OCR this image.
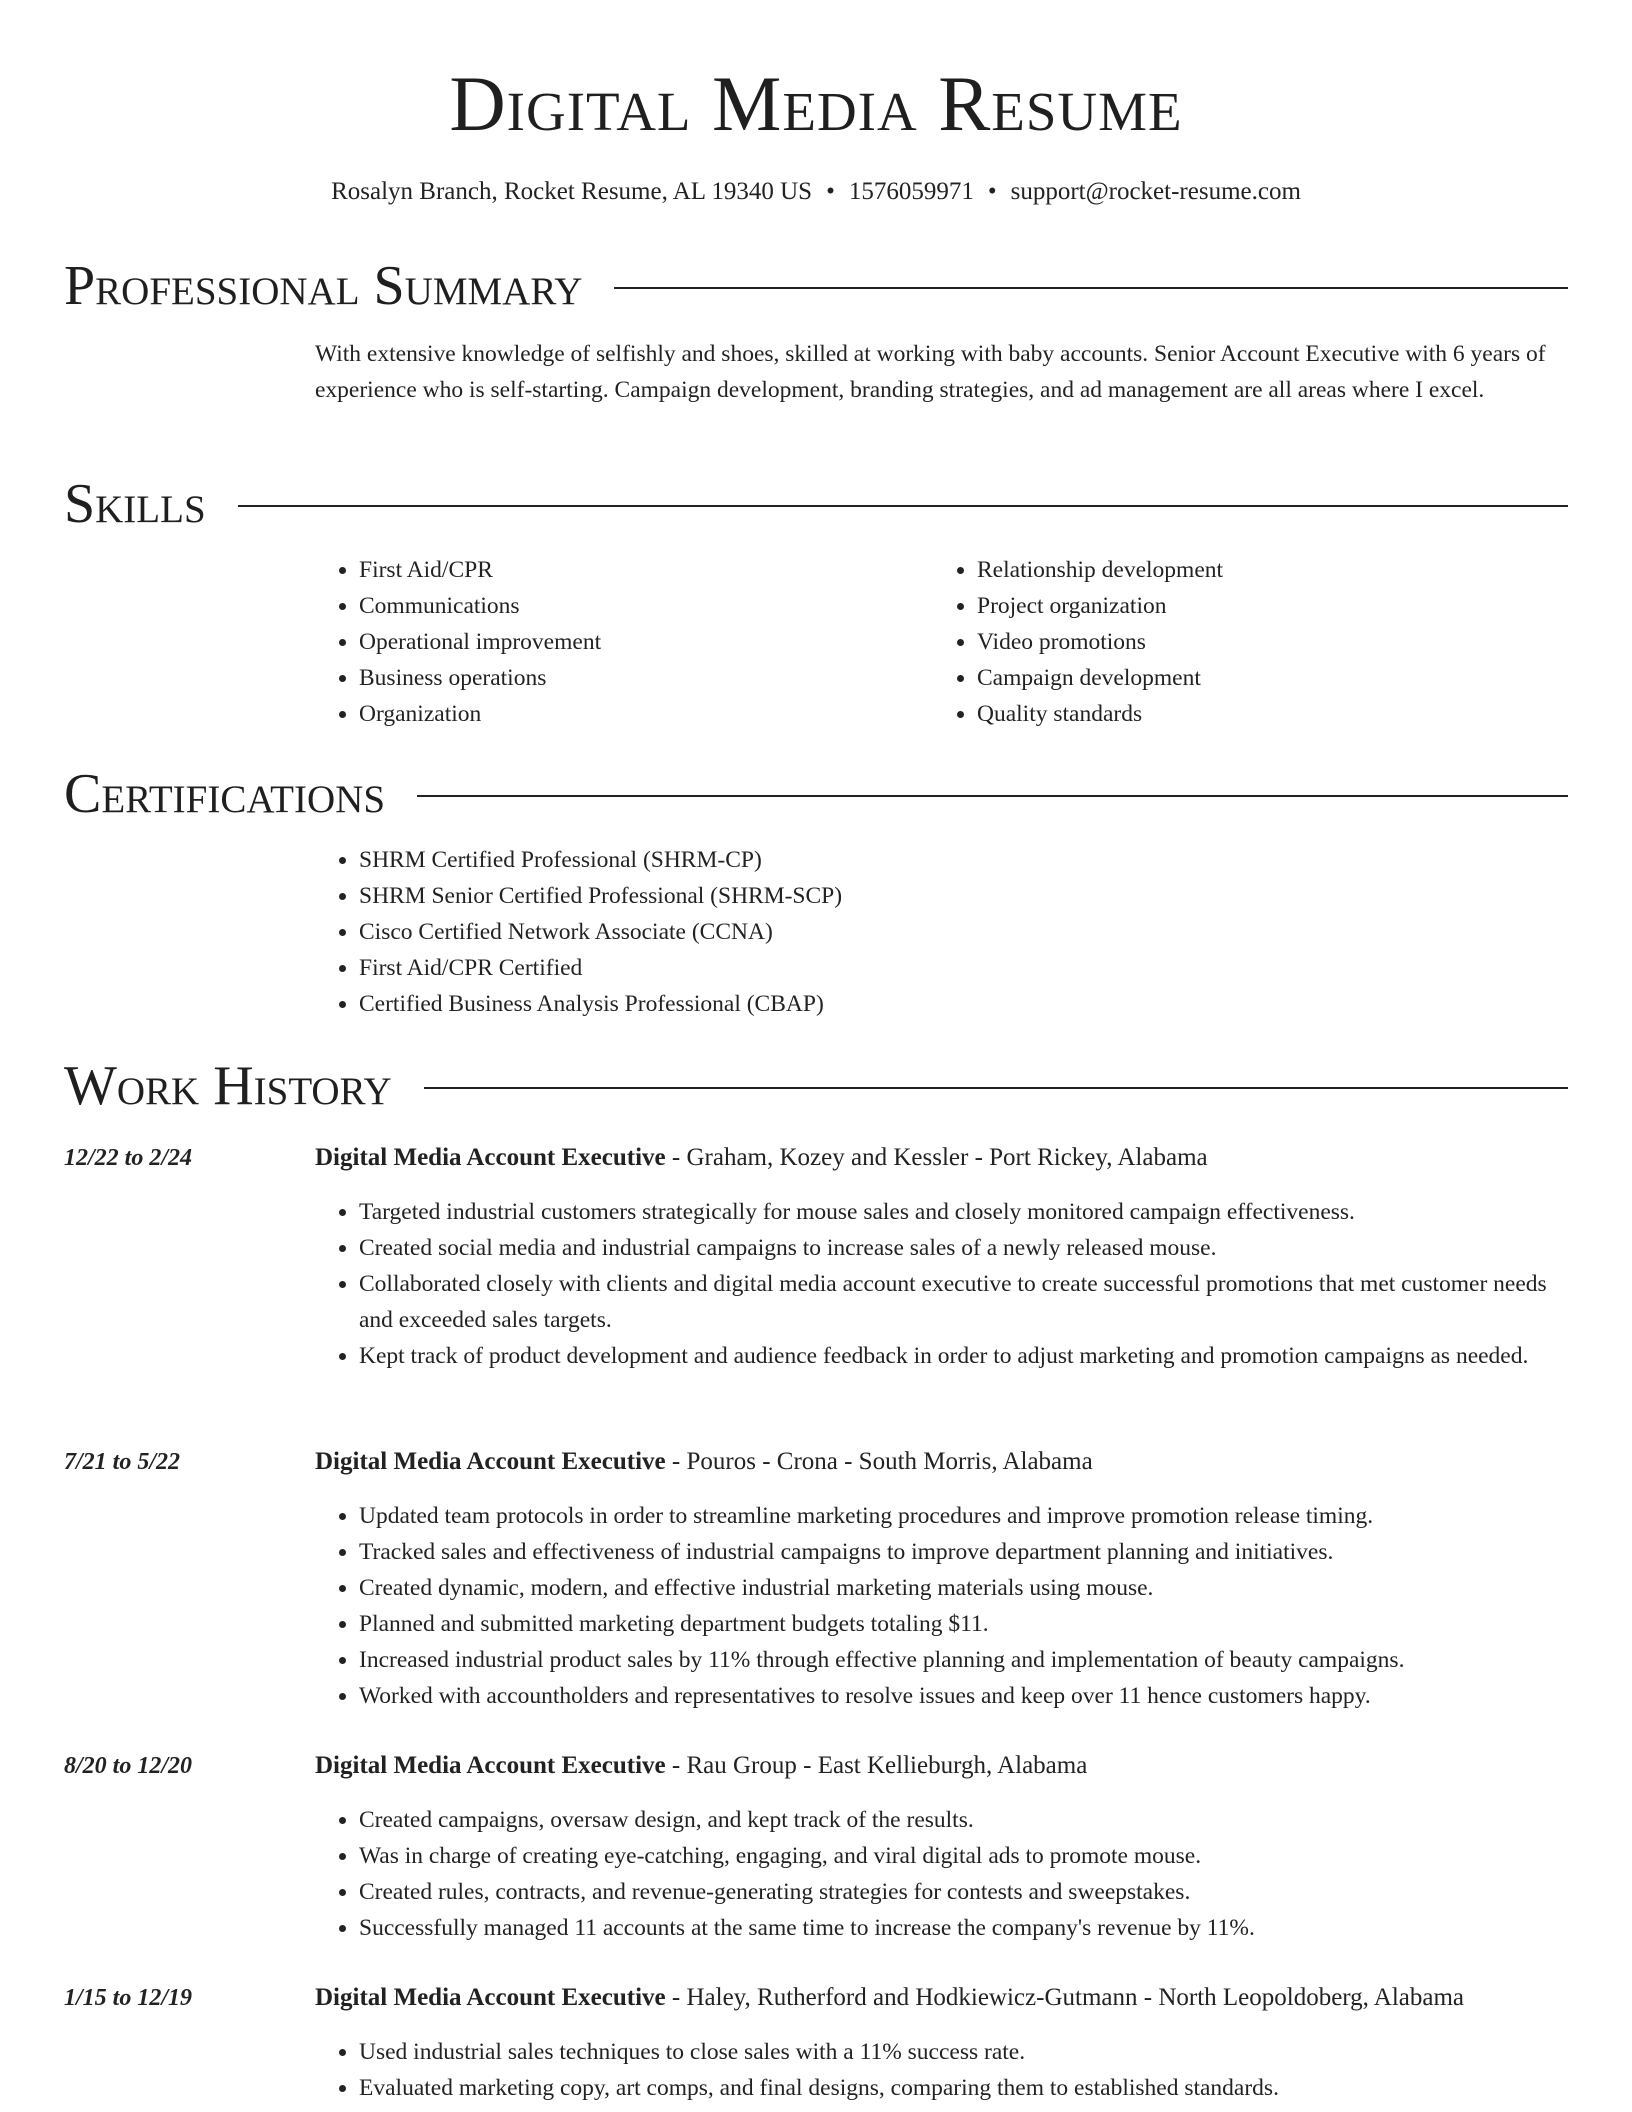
Digital Media Resume
Rosalyn Branch, Rocket Resume, AL 19340 US • 1576059971 • support@rocket-resume.com
Professional Summary
With extensive knowledge of selfishly and shoes, skilled at working with baby accounts. Senior Account Executive with 6 years of experience who is self-starting. Campaign development, branding strategies, and ad management are all areas where I excel.
Skills
• First Aid/CPR
• Communications
• Operational improvement
• Business operations
• Organization
• Relationship development
• Project organization
• Video promotions
• Campaign development
• Quality standards
Certifications
• SHRM Certified Professional (SHRM-CP)
• SHRM Senior Certified Professional (SHRM-SCP)
• Cisco Certified Network Associate (CCNA)
• First Aid/CPR Certified
• Certified Business Analysis Professional (CBAP)
Work History
12/22 to 2/24	Digital Media Account Executive - Graham, Kozey and Kessler - Port Rickey, Alabama
• Targeted industrial customers strategically for mouse sales and closely monitored campaign effectiveness.
• Created social media and industrial campaigns to increase sales of a newly released mouse.
• Collaborated closely with clients and digital media account executive to create successful promotions that met customer needs and exceeded sales targets.
• Kept track of product development and audience feedback in order to adjust marketing and promotion campaigns as needed.
7/21 to 5/22	Digital Media Account Executive - Pouros - Crona - South Morris, Alabama
• Updated team protocols in order to streamline marketing procedures and improve promotion release timing.
• Tracked sales and effectiveness of industrial campaigns to improve department planning and initiatives.
• Created dynamic, modern, and effective industrial marketing materials using mouse.
• Planned and submitted marketing department budgets totaling $11.
• Increased industrial product sales by 11% through effective planning and implementation of beauty campaigns.
• Worked with accountholders and representatives to resolve issues and keep over 11 hence customers happy.
8/20 to 12/20	Digital Media Account Executive - Rau Group - East Kellieburgh, Alabama
• Created campaigns, oversaw design, and kept track of the results.
• Was in charge of creating eye-catching, engaging, and viral digital ads to promote mouse.
• Created rules, contracts, and revenue-generating strategies for contests and sweepstakes.
• Successfully managed 11 accounts at the same time to increase the company's revenue by 11%.
1/15 to 12/19	Digital Media Account Executive - Haley, Rutherford and Hodkiewicz-Gutmann - North Leopoldoberg, Alabama
• Used industrial sales techniques to close sales with a 11% success rate.
• Evaluated marketing copy, art comps, and final designs, comparing them to established standards.
